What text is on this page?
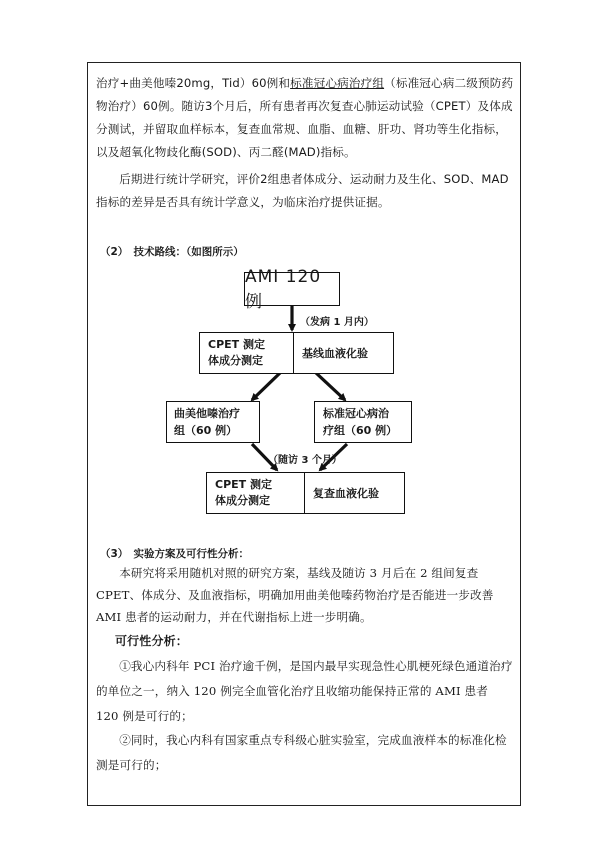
治疗+曲美他嗪20mg，Tid）60例和标准冠心病治疗组（标准冠心病二级预防药物治疗）60例。随访3个月后，所有患者再次复查心肺运动试验（CPET）及体成分测试，并留取血样标本，复查血常规、血脂、血糖、肝功、肾功等生化指标，以及超氧化物歧化酶(SOD)、丙二醛(MAD)指标。

后期进行统计学研究，评价2组患者体成分、运动耐力及生化、SOD、MAD指标的差异是否具有统计学意义，为临床治疗提供证据。

（2）　技术路线：（如图所示）

AMI 120 例
（发病 1 月内）
CPET 测定
体成分测定
基线血液化验
曲美他嗪治疗
组（60 例）
标准冠心病治
疗组（60 例）
（随访 3 个月）
CPET 测定
体成分测定
复查血液化验

（3）　实验方案及可行性分析：

本研究将采用随机对照的研究方案，基线及随访 3 月后在 2 组间复查 CPET、体成分、及血液指标，明确加用曲美他嗪药物治疗是否能进一步改善 AMI 患者的运动耐力，并在代谢指标上进一步明确。

可行性分析：

①我心内科年 PCI 治疗逾千例，是国内最早实现急性心肌梗死绿色通道治疗的单位之一，纳入 120 例完全血管化治疗且收缩功能保持正常的 AMI 患者 120 例是可行的；

②同时，我心内科有国家重点专科级心脏实验室，完成血液样本的标准化检测是可行的；
